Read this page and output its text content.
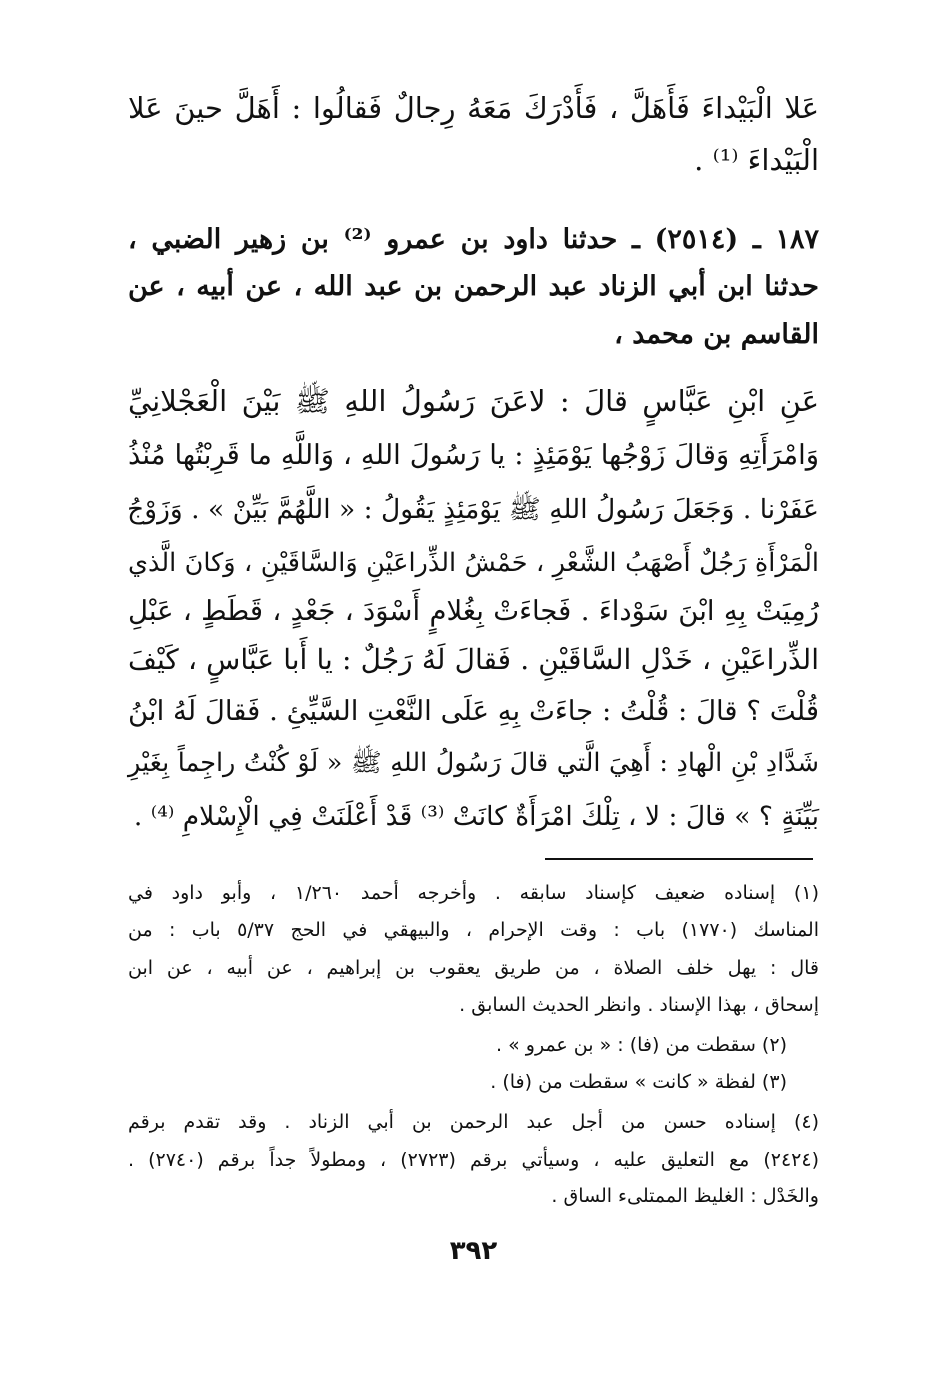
عَلا الْبَيْداءَ فَأَهَلَّ ، فَأَدْرَكَ مَعَهُ رِجالٌ فَقالُوا : أَهَلَّ حينَ عَلا
الْبَيْداءَ ⁽¹⁾ .
١٨٧ ـ (٢٥١٤) ـ حدثنا داود بن عمرو ⁽²⁾ بن زهير الضبي ،
حدثنا ابن أبي الزناد عبد الرحمن بن عبد الله ، عن أبيه ، عن
القاسم بن محمد ،
عَنِ ابْنِ عَبَّاسٍ قالَ : لاعَنَ رَسُولُ اللهِ ﷺ بَيْنَ الْعَجْلانِيِّ
وَامْرَأَتِهِ وَقالَ زَوْجُها يَوْمَئِذٍ : يا رَسُولَ اللهِ ، وَاللَّهِ ما قَرِبْتُها مُنْذُ
عَفَرْنا . وَجَعَلَ رَسُولُ اللهِ ﷺ يَوْمَئِذٍ يَقُولُ : « اللَّهُمَّ بَيِّنْ » . وَزَوْجُ
الْمَرْأَةِ رَجُلٌ أَصْهَبُ الشَّعْرِ ، حَمْشُ الذِّراعَيْنِ وَالسَّاقَيْنِ ، وَكانَ الَّذي
رُمِيَتْ بِهِ ابْنَ سَوْداءَ . فَجاءَتْ بِغُلامٍ أَسْوَدَ ، جَعْدٍ ، قَطَطٍ ، عَبْلِ
الذِّراعَيْنِ ، خَدْلِ السَّاقَيْنِ . فَقالَ لَهُ رَجُلٌ : يا أَبا عَبَّاسٍ ، كَيْفَ
قُلْتَ ؟ قالَ : قُلْتُ : جاءَتْ بِهِ عَلَى النَّعْتِ السَّيِّئِ . فَقالَ لَهُ ابْنُ
شَدَّادِ بْنِ الْهادِ : أَهِيَ الَّتي قالَ رَسُولُ اللهِ ﷺ « لَوْ كُنْتُ راجِماً بِغَيْرِ
بَيِّنَةٍ ؟ » قالَ : لا ، تِلْكَ امْرَأَةٌ كانَتْ ⁽³⁾ قَدْ أَعْلَنَتْ فِي الْإِسْلامِ ⁽⁴⁾ .
(١) إسناده ضعيف كإسناد سابقه . وأخرجه أحمد ١/٢٦٠ ، وأبو داود في
المناسك (١٧٧٠) باب : وقت الإحرام ، والبيهقي في الحج ٥/٣٧ باب : من
قال : يهل خلف الصلاة ، من طريق يعقوب بن إبراهيم ، عن أبيه ، عن ابن
إسحاق ، بهذا الإسناد . وانظر الحديث السابق .
(٢) سقطت من (فا) : « بن عمرو » .
(٣) لفظة « كانت » سقطت من (فا) .
(٤) إسناده حسن من أجل عبد الرحمن بن أبي الزناد . وقد تقدم برقم
(٢٤٢٤) مع التعليق عليه ، وسيأتي برقم (٢٧٢٣) ، ومطولاً جداً برقم (٢٧٤٠) .
والخَدْل : الغليظ الممتلىء الساق .
٣٩٢
